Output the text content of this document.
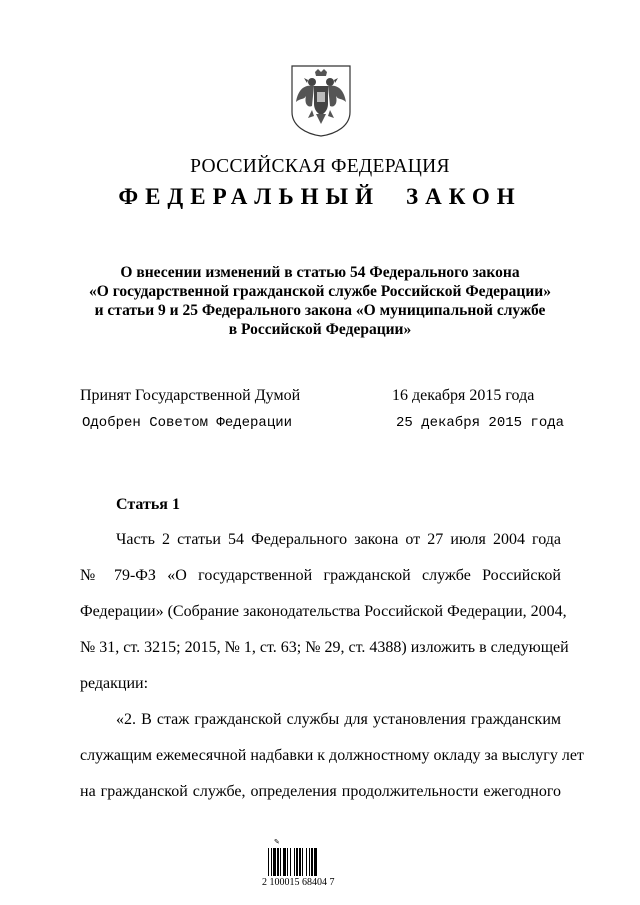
РОССИЙСКАЯ ФЕДЕРАЦИЯ
ФЕДЕРАЛЬНЫЙ ЗАКОН
О внесении изменений в статью 54 Федерального закона
«О государственной гражданской службе Российской Федерации»
и статьи 9 и 25 Федерального закона «О муниципальной службе
в Российской Федерации»
Принят Государственной Думой	16 декабря 2015 года
Одобрен Советом Федерации	25 декабря 2015 года
Статья 1
Часть 2 статьи 54 Федерального закона от 27 июля 2004 года
№ 79-ФЗ «О государственной гражданской службе Российской
Федерации» (Собрание законодательства Российской Федерации, 2004,
№ 31, ст. 3215; 2015, № 1, ст. 63; № 29, ст. 4388) изложить в следующей
редакции:
«2. В стаж гражданской службы для установления гражданским
служащим ежемесячной надбавки к должностному окладу за выслугу лет
на гражданской службе, определения продолжительности ежегодного
✎
2 100015 68404 7
